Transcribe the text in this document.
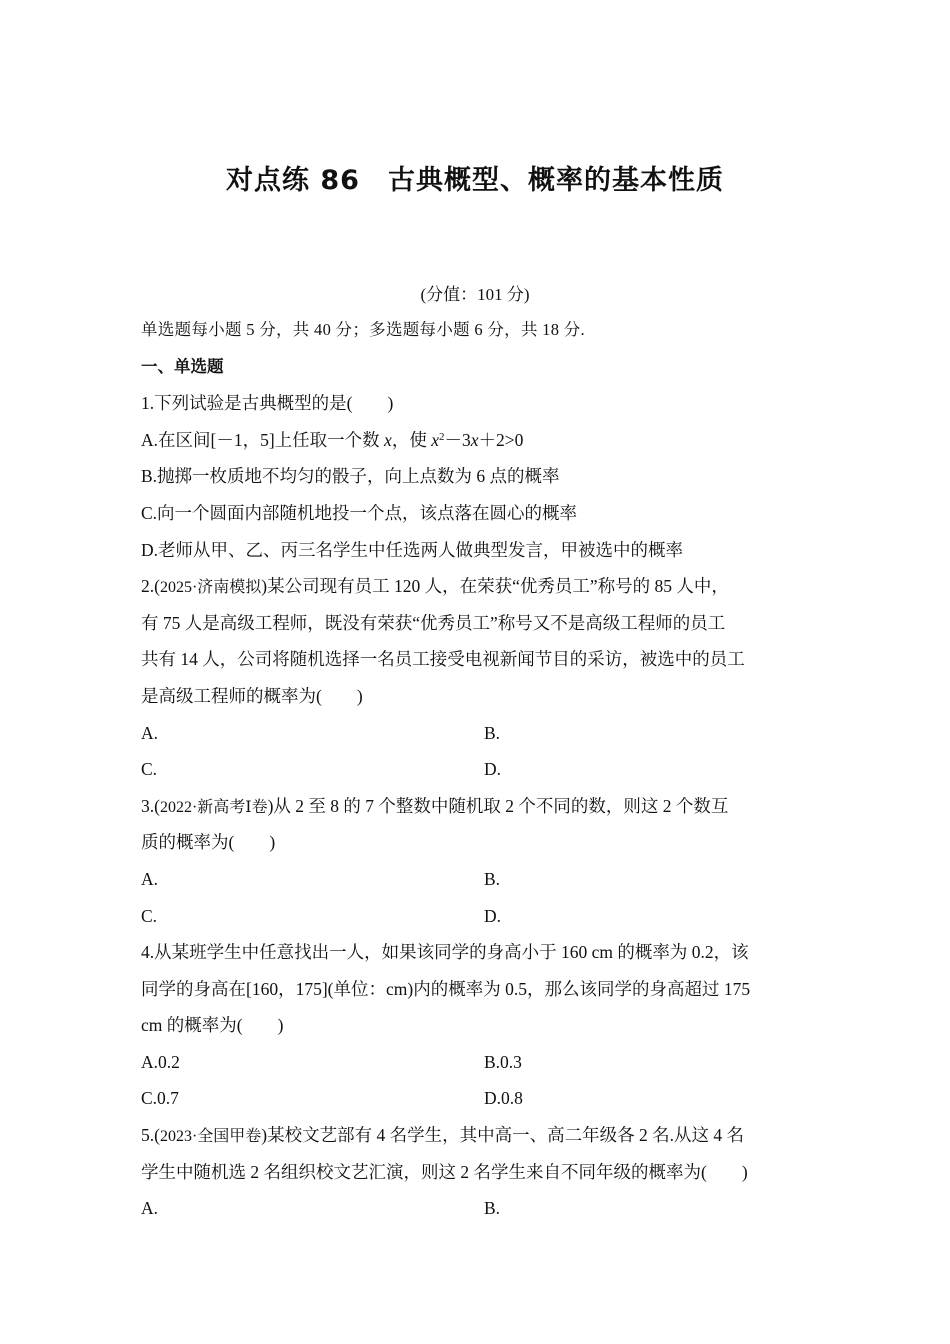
对点练 86　古典概型、概率的基本性质
(分值：101 分)
单选题每小题 5 分，共 40 分；多选题每小题 6 分，共 18 分.
一、单选题
1.下列试验是古典概型的是(　　)
A.在区间[－1，5]上任取一个数 x，使 $x^2-3x+2>0$
B.抛掷一枚质地不均匀的骰子，向上点数为 6 点的概率
C.向一个圆面内部随机地投一个点，该点落在圆心的概率
D.老师从甲、乙、丙三名学生中任选两人做典型发言，甲被选中的概率
2.(2025·济南模拟)某公司现有员工 120 人，在荣获“优秀员工”称号的 85 人中，
有 75 人是高级工程师，既没有荣获“优秀员工”称号又不是高级工程师的员工
共有 14 人，公司将随机选择一名员工接受电视新闻节目的采访，被选中的员工
是高级工程师的概率为(　　)
A.	B.
C.	D.
3.(2022·新高考Ⅰ卷)从 2 至 8 的 7 个整数中随机取 2 个不同的数，则这 2 个数互
质的概率为(　　)
A.	B.
C.	D.
4.从某班学生中任意找出一人，如果该同学的身高小于 160 cm 的概率为 0.2，该
同学的身高在[160，175](单位：cm)内的概率为 0.5，那么该同学的身高超过 175
cm 的概率为(　　)
A.0.2	B.0.3
C.0.7	D.0.8
5.(2023·全国甲卷)某校文艺部有 4 名学生，其中高一、高二年级各 2 名.从这 4 名
学生中随机选 2 名组织校文艺汇演，则这 2 名学生来自不同年级的概率为(　　)
A.	B.
